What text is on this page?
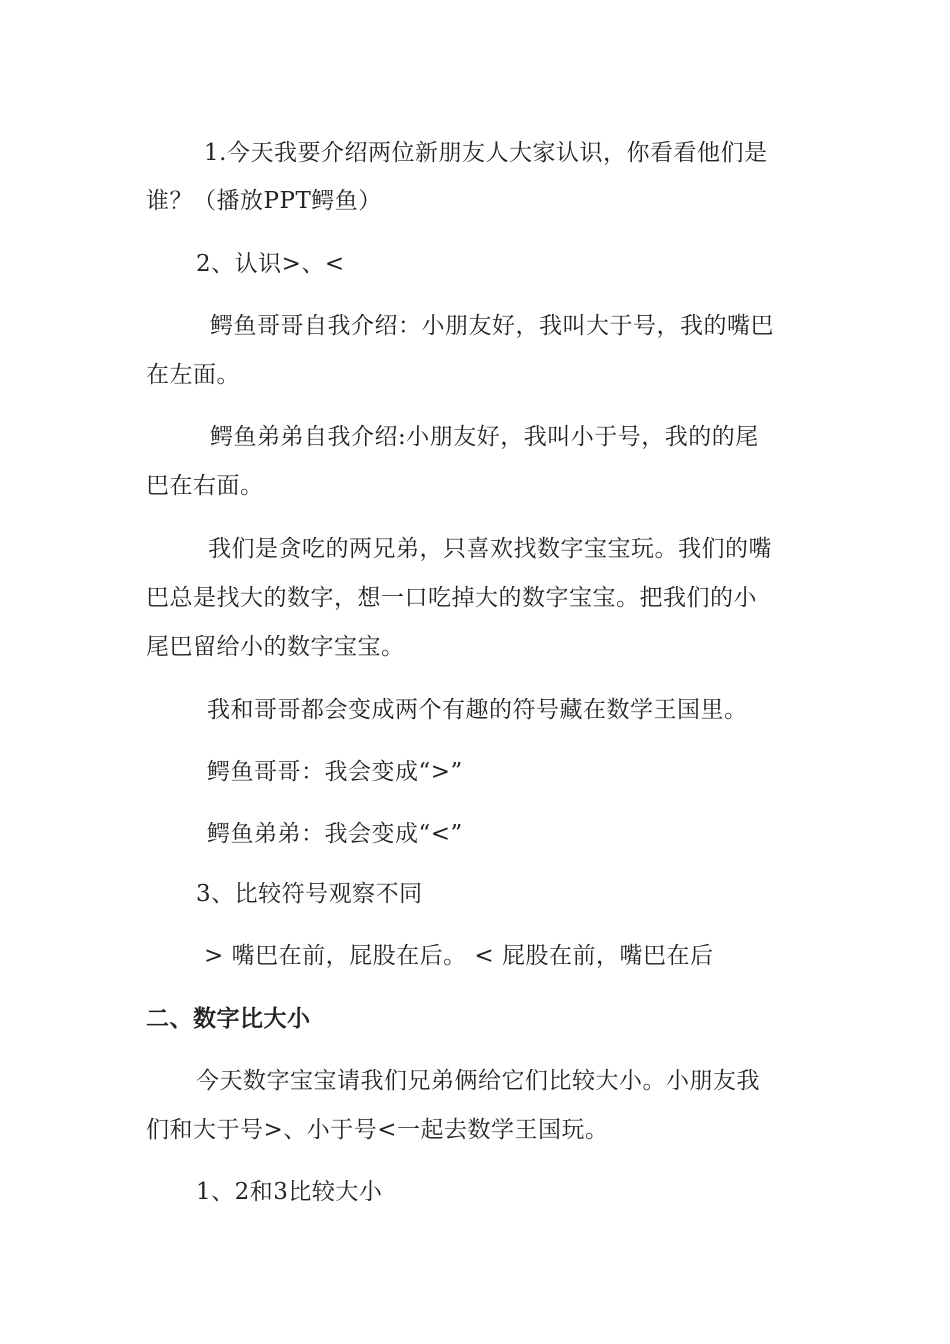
1.今天我要介绍两位新朋友人大家认识，你看看他们是
谁？（播放PPT鳄鱼）
2、认识>、<
鳄鱼哥哥自我介绍：小朋友好，我叫大于号，我的嘴巴
在左面。
鳄鱼弟弟自我介绍:小朋友好，我叫小于号，我的的尾
巴在右面。
我们是贪吃的两兄弟，只喜欢找数字宝宝玩。我们的嘴
巴总是找大的数字，想一口吃掉大的数字宝宝。把我们的小
尾巴留给小的数字宝宝。
我和哥哥都会变成两个有趣的符号藏在数学王国里。
鳄鱼哥哥：我会变成“>”
鳄鱼弟弟：我会变成“<”
3、比较符号观察不同
> 嘴巴在前，屁股在后。 < 屁股在前，嘴巴在后
二、数字比大小
今天数字宝宝请我们兄弟俩给它们比较大小。小朋友我
们和大于号>、小于号<一起去数学王国玩。
1、2和3比较大小
